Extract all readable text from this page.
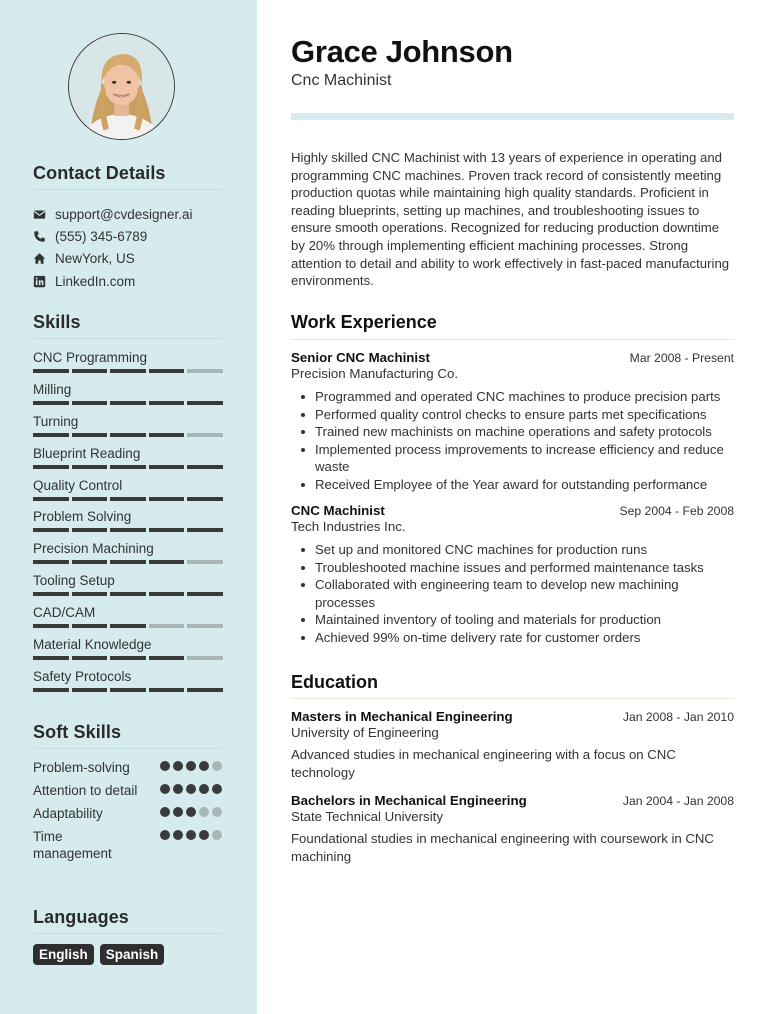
Contact Details
support@cvdesigner.ai
(555) 345-6789
NewYork, US
LinkedIn.com
Skills
CNC Programming
Milling
Turning
Blueprint Reading
Quality Control
Problem Solving
Precision Machining
Tooling Setup
CAD/CAM
Material Knowledge
Safety Protocols
Soft Skills
Problem-solving
Attention to detail
Adaptability
Time management
Languages
English	Spanish
Grace Johnson
Cnc Machinist

Highly skilled CNC Machinist with 13 years of experience in operating and programming CNC machines. Proven track record of consistently meeting production quotas while maintaining high quality standards. Proficient in reading blueprints, setting up machines, and troubleshooting issues to ensure smooth operations. Recognized for reducing production downtime by 20% through implementing efficient machining processes. Strong attention to detail and ability to work effectively in fast-paced manufacturing environments.

Work Experience
Senior CNC Machinist	Mar 2008 - Present
Precision Manufacturing Co.
Programmed and operated CNC machines to produce precision parts
Performed quality control checks to ensure parts met specifications
Trained new machinists on machine operations and safety protocols
Implemented process improvements to increase efficiency and reduce waste
Received Employee of the Year award for outstanding performance
CNC Machinist	Sep 2004 - Feb 2008
Tech Industries Inc.
Set up and monitored CNC machines for production runs
Troubleshooted machine issues and performed maintenance tasks
Collaborated with engineering team to develop new machining processes
Maintained inventory of tooling and materials for production
Achieved 99% on-time delivery rate for customer orders
Education
Masters in Mechanical Engineering	Jan 2008 - Jan 2010
University of Engineering

Advanced studies in mechanical engineering with a focus on CNC technology

Bachelors in Mechanical Engineering	Jan 2004 - Jan 2008
State Technical University

Foundational studies in mechanical engineering with coursework in CNC machining
